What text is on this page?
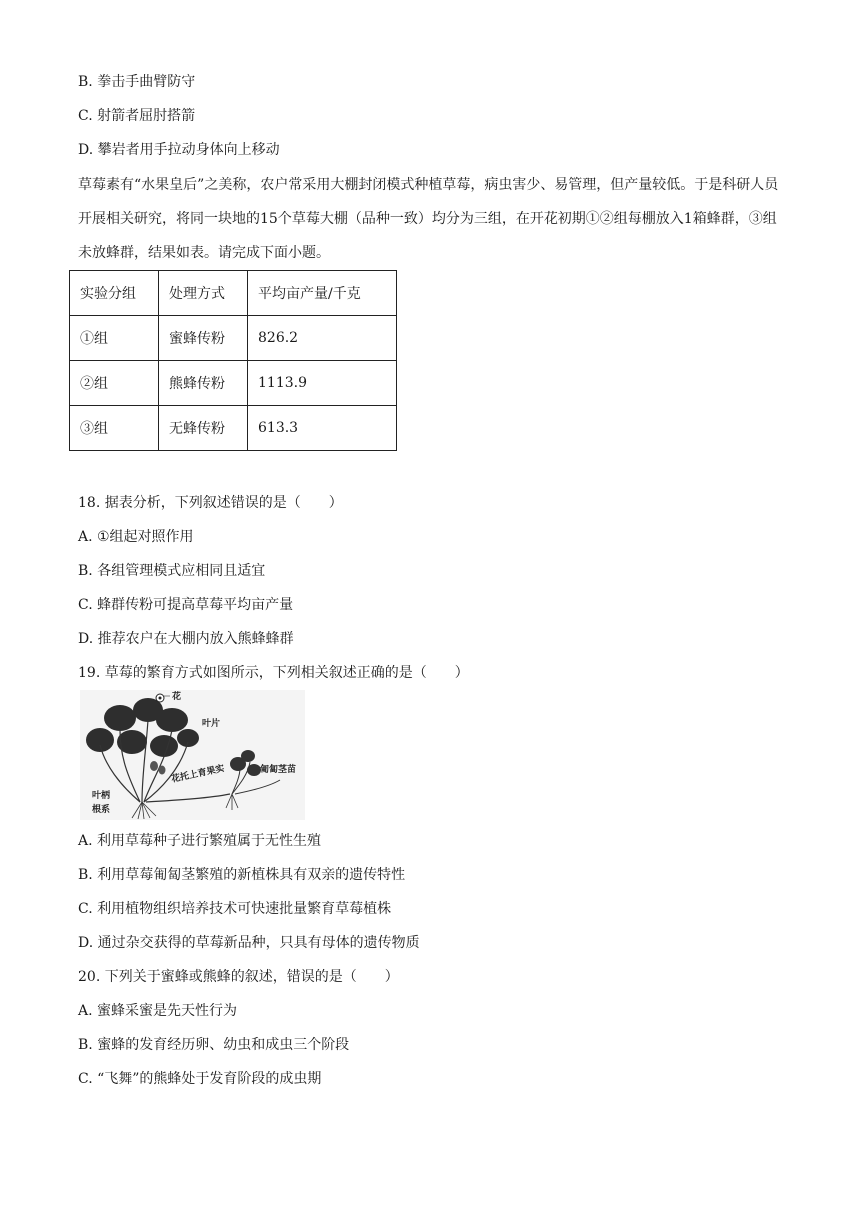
B. 拳击手曲臂防守
C. 射箭者屈肘搭箭
D. 攀岩者用手拉动身体向上移动
草莓素有“水果皇后”之美称，农户常采用大棚封闭模式种植草莓，病虫害少、易管理，但产量较低。于是科研人员开展相关研究，将同一块地的15个草莓大棚（品种一致）均分为三组，在开花初期①②组每棚放入1箱蜂群，③组未放蜂群，结果如表。请完成下面小题。
实验分组	处理方式	平均亩产量/千克
①组	蜜蜂传粉	826.2
②组	熊蜂传粉	1113.9
③组	无蜂传粉	613.3
18. 据表分析，下列叙述错误的是（　　）
A. ①组起对照作用
B. 各组管理模式应相同且适宜
C. 蜂群传粉可提高草莓平均亩产量
D. 推荐农户在大棚内放入熊蜂蜂群
19. 草莓的繁育方式如图所示，下列相关叙述正确的是（　　）
花
叶片
花托上育果实	匍匐茎苗
叶柄
根系
A. 利用草莓种子进行繁殖属于无性生殖
B. 利用草莓匍匐茎繁殖的新植株具有双亲的遗传特性
C. 利用植物组织培养技术可快速批量繁育草莓植株
D. 通过杂交获得的草莓新品种，只具有母体的遗传物质
20. 下列关于蜜蜂或熊蜂的叙述，错误的是（　　）
A. 蜜蜂采蜜是先天性行为
B. 蜜蜂的发育经历卵、幼虫和成虫三个阶段
C. “飞舞”的熊蜂处于发育阶段的成虫期
